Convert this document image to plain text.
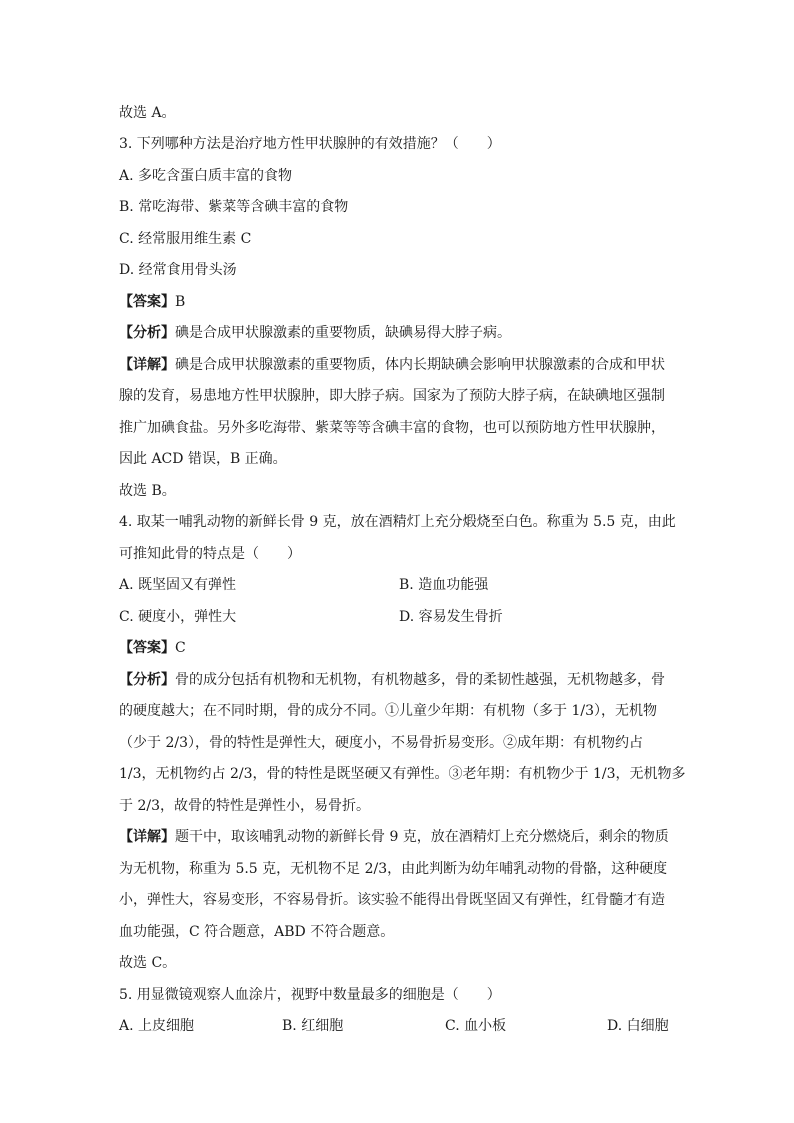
故选 A。
3. 下列哪种方法是治疗地方性甲状腺肿的有效措施？（　　）
A. 多吃含蛋白质丰富的食物
B. 常吃海带、紫菜等含碘丰富的食物
C. 经常服用维生素 C
D. 经常食用骨头汤
【答案】B
【分析】碘是合成甲状腺激素的重要物质，缺碘易得大脖子病。
【详解】碘是合成甲状腺激素的重要物质，体内长期缺碘会影响甲状腺激素的合成和甲状
腺的发育，易患地方性甲状腺肿，即大脖子病。国家为了预防大脖子病，在缺碘地区强制
推广加碘食盐。另外多吃海带、紫菜等等含碘丰富的食物，也可以预防地方性甲状腺肿，
因此 ACD 错误，B 正确。
故选 B。
4. 取某一哺乳动物的新鲜长骨 9 克，放在酒精灯上充分煅烧至白色。称重为 5.5 克，由此
可推知此骨的特点是（　　）
A. 既坚固又有弹性	B. 造血功能强
C. 硬度小，弹性大	D. 容易发生骨折
【答案】C
【分析】骨的成分包括有机物和无机物，有机物越多，骨的柔韧性越强，无机物越多，骨
的硬度越大；在不同时期，骨的成分不同。①儿童少年期：有机物（多于 1/3），无机物
（少于 2/3），骨的特性是弹性大，硬度小，不易骨折易变形。②成年期：有机物约占
1/3，无机物约占 2/3，骨的特性是既坚硬又有弹性。③老年期：有机物少于 1/3，无机物多
于 2/3，故骨的特性是弹性小，易骨折。
【详解】题干中，取该哺乳动物的新鲜长骨 9 克，放在酒精灯上充分燃烧后，剩余的物质
为无机物，称重为 5.5 克，无机物不足 2/3，由此判断为幼年哺乳动物的骨骼，这种硬度
小，弹性大，容易变形，不容易骨折。该实验不能得出骨既坚固又有弹性，红骨髓才有造
血功能强，C 符合题意，ABD 不符合题意。
故选 C。
5. 用显微镜观察人血涂片，视野中数量最多的细胞是（　　）
A. 上皮细胞	B. 红细胞	C. 血小板	D. 白细胞
